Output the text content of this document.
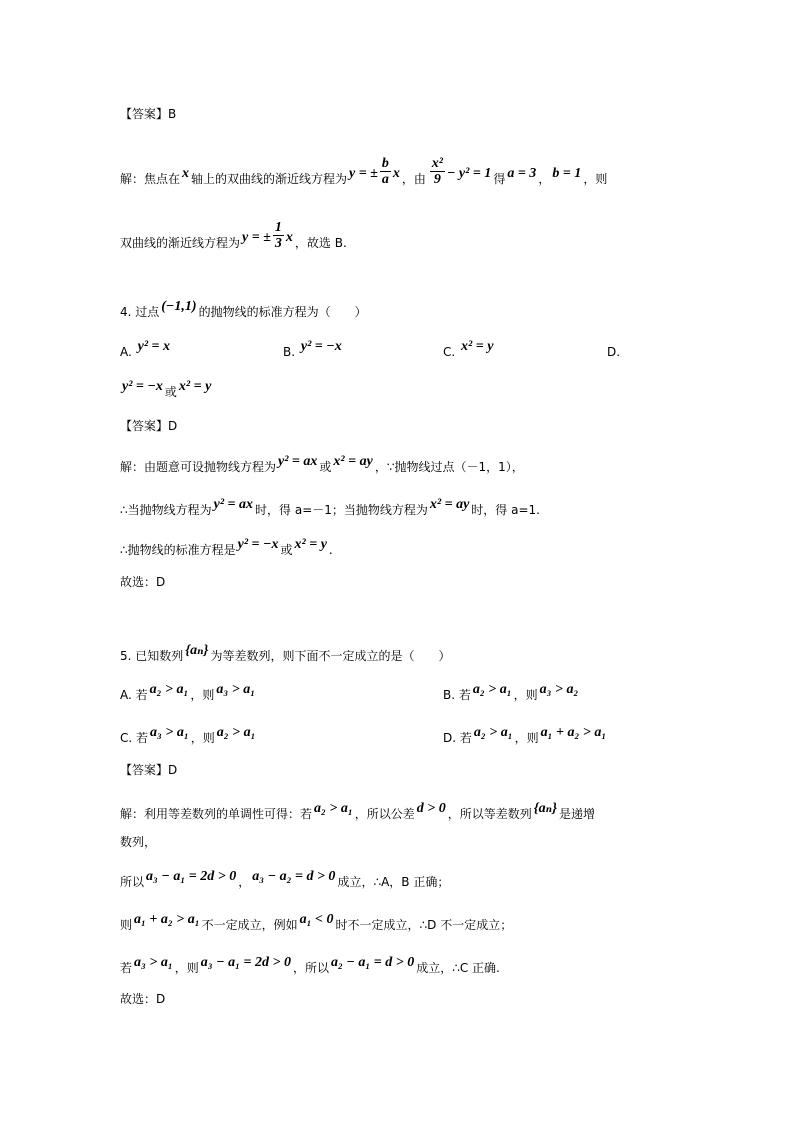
【答案】B
解：焦点在 x 轴上的双曲线的渐近线方程为 y = ± $\frac{b}{a}$ x ，由 $\frac{\text{x²}}{9} - y^2 = 1$ 得 a = 3 ， b = 1 ，则
双曲线的渐近线方程为 y = ± $\frac{1}{3}$ x ，故选 B.
4. 过点 (−1,1) 的抛物线的标准方程为（　　）
A. y² = x	B. y² = −x	C. x² = y	D.
y² = −x 或 x² = y
【答案】D
解：由题意可设抛物线方程为 y² = ax 或 x² = ay ，∵抛物线过点（－1，1），
∴当抛物线方程为 y² = ax 时，得 a=－1；当抛物线方程为 x² = ay 时，得 a=1.
∴抛物线的标准方程是 y² = −x 或 x² = y .
故选：D
5. 已知数列 {aₙ} 为等差数列，则下面不一定成立的是（　　）
A. 若 a₂ > a₁ ，则 a₃ > a₁	B. 若 a₂ > a₁ ，则 a₃ > a₂
C. 若 a₃ > a₁ ，则 a₂ > a₁	D. 若 a₂ > a₁ ，则 a₁ + a₂ > a₁
【答案】D
解：利用等差数列的单调性可得：若 a₂ > a₁ ，所以公差 d > 0 ，所以等差数列 {aₙ} 是递增
数列，
所以 a₃ − a₁ = 2d > 0 ， a₃ − a₂ = d > 0 成立，∴A，B 正确；
则 a₁ + a₂ > a₁ 不一定成立，例如 a₁ < 0 时不一定成立，∴D 不一定成立；
若 a₃ > a₁ ，则 a₃ − a₁ = 2d > 0 ，所以 a₂ − a₁ = d > 0 成立，∴C 正确.
故选：D
